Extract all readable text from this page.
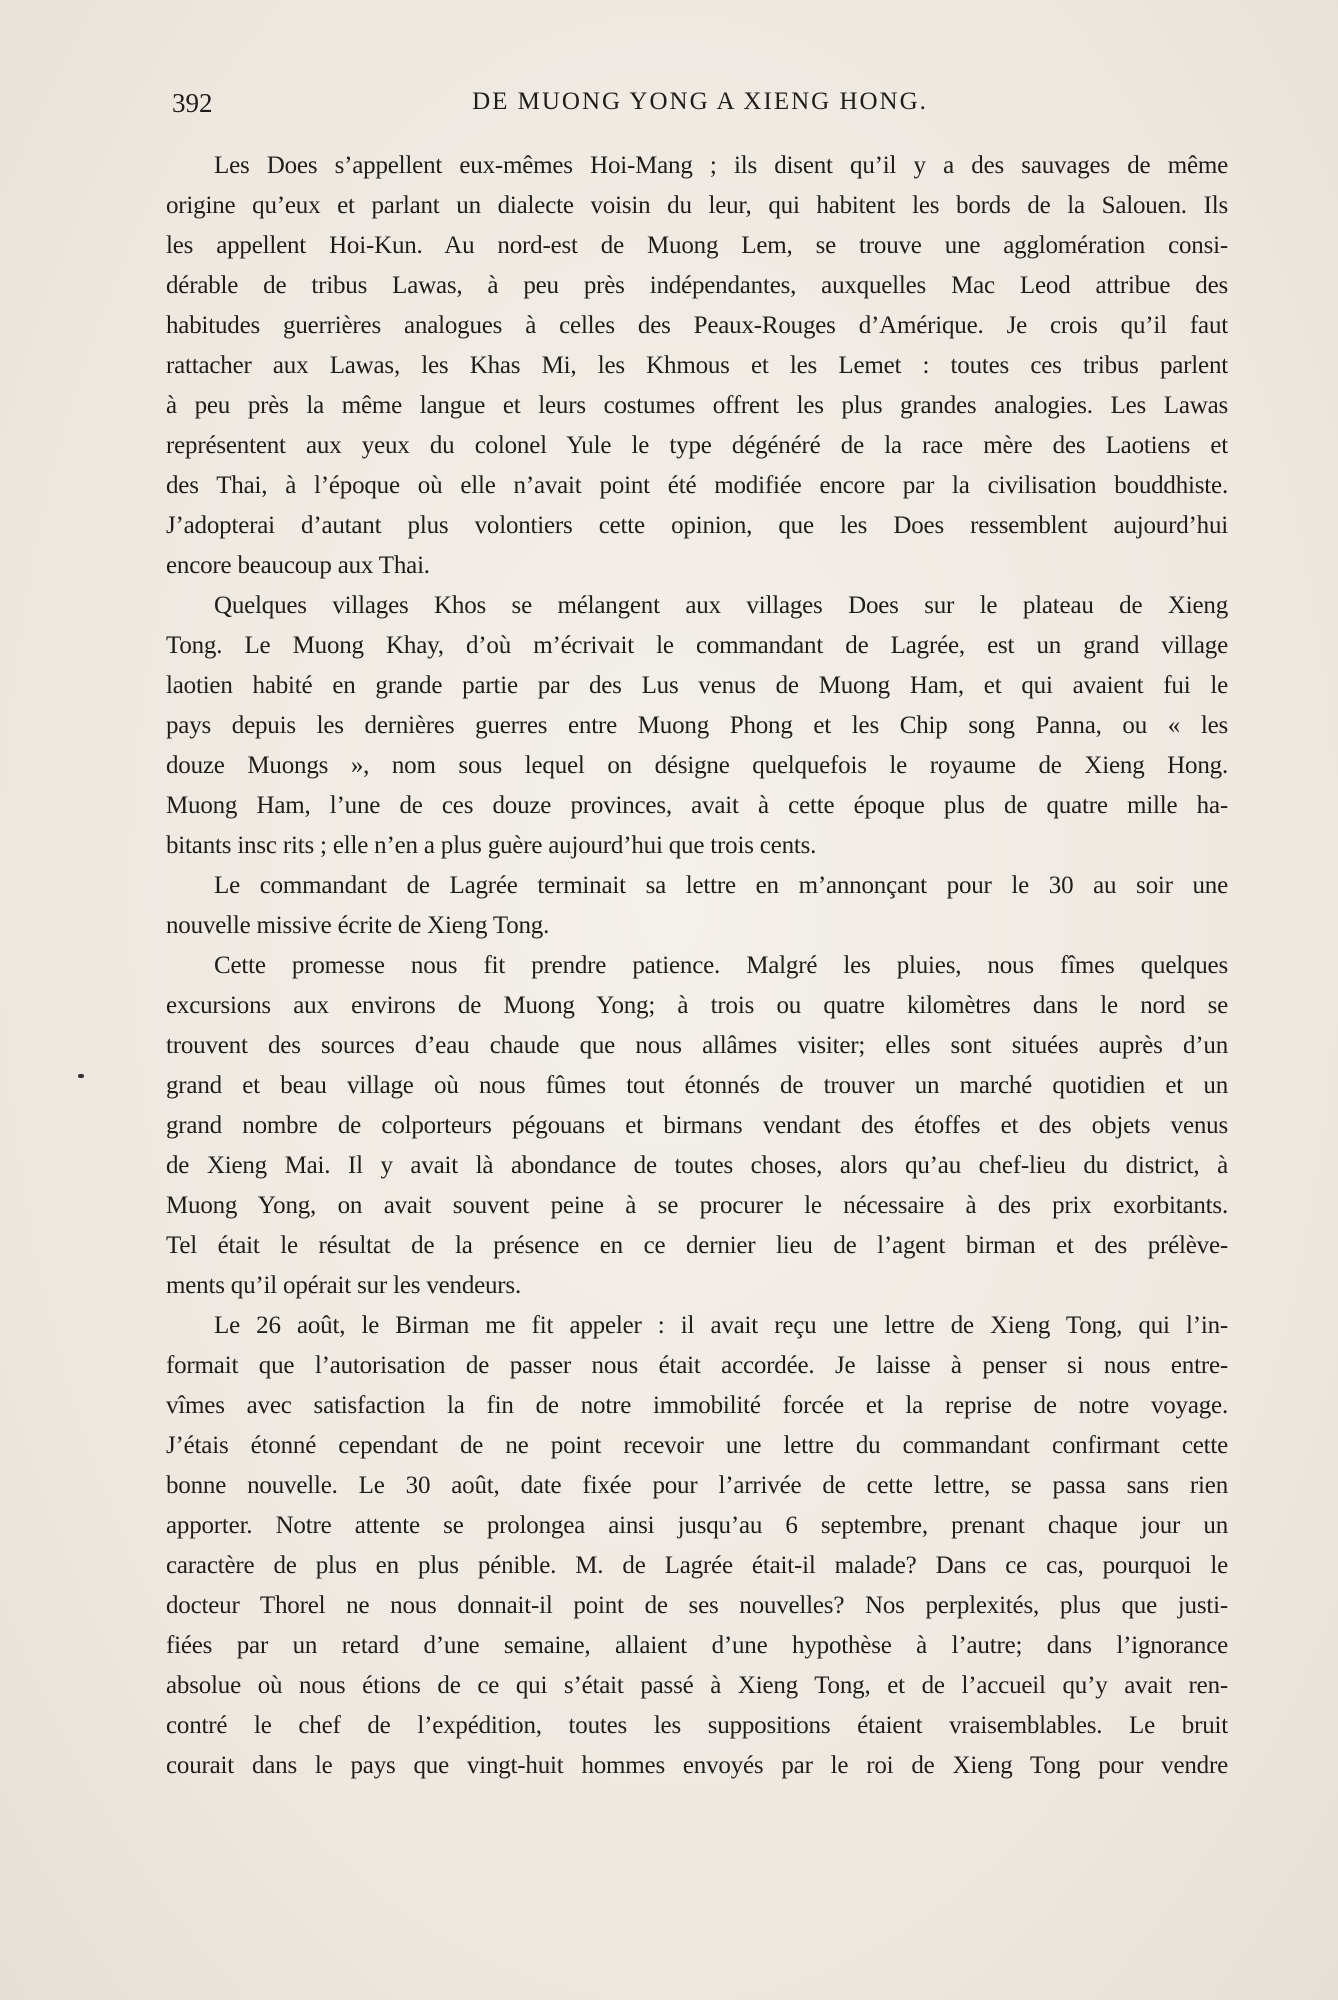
392	DE MUONG YONG A XIENG HONG.
Les Does s’appellent eux-mêmes Hoi-Mang ; ils disent qu’il y a des sauvages de même
origine qu’eux et parlant un dialecte voisin du leur, qui habitent les bords de la Salouen. Ils
les appellent Hoi-Kun. Au nord-est de Muong Lem, se trouve une agglomération consi-
dérable de tribus Lawas, à peu près indépendantes, auxquelles Mac Leod attribue des
habitudes guerrières analogues à celles des Peaux-Rouges d’Amérique. Je crois qu’il faut
rattacher aux Lawas, les Khas Mi, les Khmous et les Lemet : toutes ces tribus parlent
à peu près la même langue et leurs costumes offrent les plus grandes analogies. Les Lawas
représentent aux yeux du colonel Yule le type dégénéré de la race mère des Laotiens et
des Thai, à l’époque où elle n’avait point été modifiée encore par la civilisation bouddhiste.
J’adopterai d’autant plus volontiers cette opinion, que les Does ressemblent aujourd’hui
encore beaucoup aux Thai.
Quelques villages Khos se mélangent aux villages Does sur le plateau de Xieng
Tong. Le Muong Khay, d’où m’écrivait le commandant de Lagrée, est un grand village
laotien habité en grande partie par des Lus venus de Muong Ham, et qui avaient fui le
pays depuis les dernières guerres entre Muong Phong et les Chip song Panna, ou « les
douze Muongs », nom sous lequel on désigne quelquefois le royaume de Xieng Hong.
Muong Ham, l’une de ces douze provinces, avait à cette époque plus de quatre mille ha-
bitants insc rits ; elle n’en a plus guère aujourd’hui que trois cents.
Le commandant de Lagrée terminait sa lettre en m’annonçant pour le 30 au soir une
nouvelle missive écrite de Xieng Tong.
Cette promesse nous fit prendre patience. Malgré les pluies, nous fîmes quelques
excursions aux environs de Muong Yong; à trois ou quatre kilomètres dans le nord se
trouvent des sources d’eau chaude que nous allâmes visiter; elles sont situées auprès d’un
grand et beau village où nous fûmes tout étonnés de trouver un marché quotidien et un
grand nombre de colporteurs pégouans et birmans vendant des étoffes et des objets venus
de Xieng Mai. Il y avait là abondance de toutes choses, alors qu’au chef-lieu du district, à
Muong Yong, on avait souvent peine à se procurer le nécessaire à des prix exorbitants.
Tel était le résultat de la présence en ce dernier lieu de l’agent birman et des prélève-
ments qu’il opérait sur les vendeurs.
Le 26 août, le Birman me fit appeler : il avait reçu une lettre de Xieng Tong, qui l’in-
formait que l’autorisation de passer nous était accordée. Je laisse à penser si nous entre-
vîmes avec satisfaction la fin de notre immobilité forcée et la reprise de notre voyage.
J’étais étonné cependant de ne point recevoir une lettre du commandant confirmant cette
bonne nouvelle. Le 30 août, date fixée pour l’arrivée de cette lettre, se passa sans rien
apporter. Notre attente se prolongea ainsi jusqu’au 6 septembre, prenant chaque jour un
caractère de plus en plus pénible. M. de Lagrée était-il malade? Dans ce cas, pourquoi le
docteur Thorel ne nous donnait-il point de ses nouvelles? Nos perplexités, plus que justi-
fiées par un retard d’une semaine, allaient d’une hypothèse à l’autre; dans l’ignorance
absolue où nous étions de ce qui s’était passé à Xieng Tong, et de l’accueil qu’y avait ren-
contré le chef de l’expédition, toutes les suppositions étaient vraisemblables. Le bruit
courait dans le pays que vingt-huit hommes envoyés par le roi de Xieng Tong pour vendre
